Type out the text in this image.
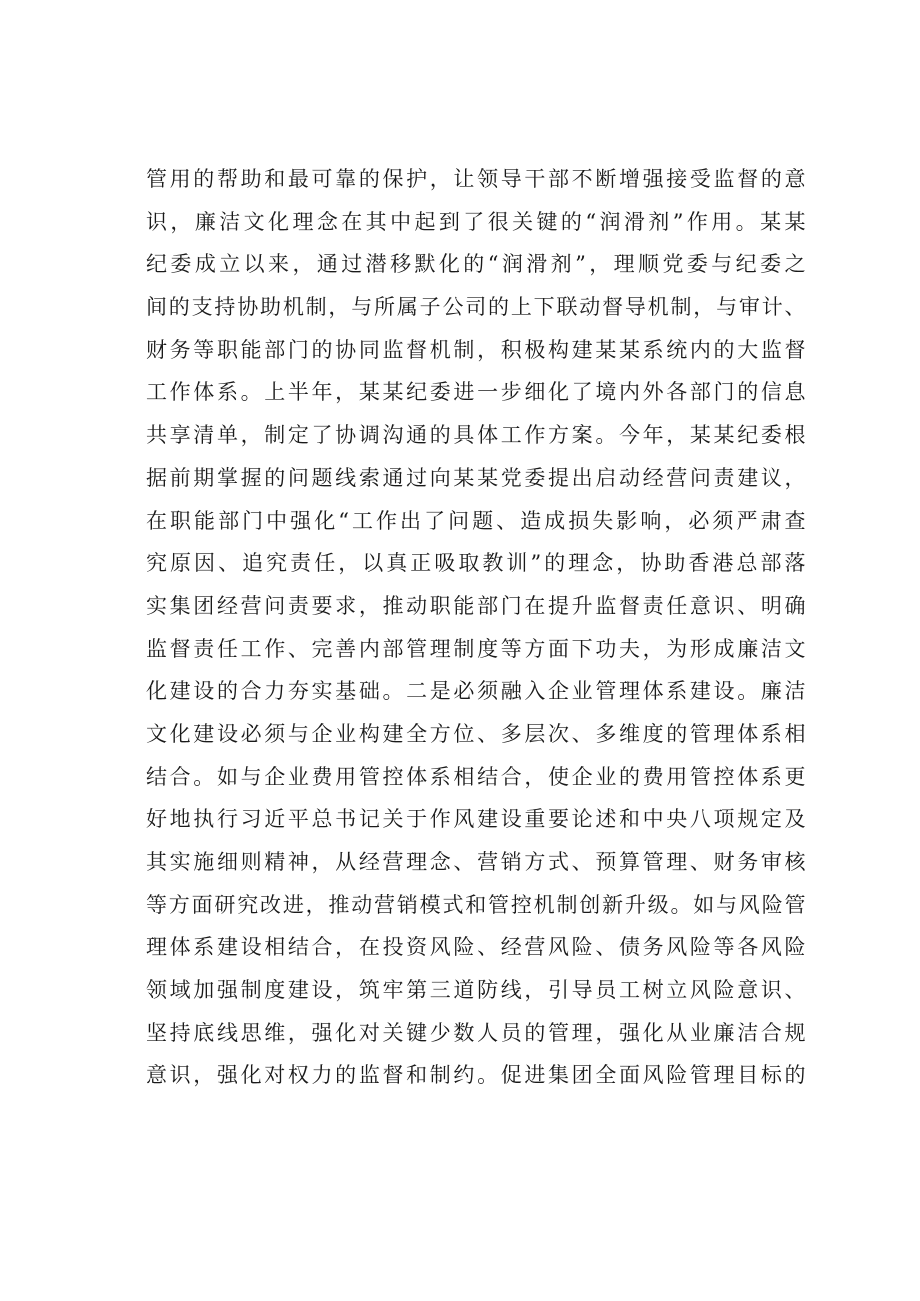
管用的帮助和最可靠的保护，让领导干部不断增强接受监督的意
识，廉洁文化理念在其中起到了很关键的“润滑剂”作用。某某
纪委成立以来，通过潜移默化的“润滑剂”，理顺党委与纪委之
间的支持协助机制，与所属子公司的上下联动督导机制，与审计、
财务等职能部门的协同监督机制，积极构建某某系统内的大监督
工作体系。上半年，某某纪委进一步细化了境内外各部门的信息
共享清单，制定了协调沟通的具体工作方案。今年，某某纪委根
据前期掌握的问题线索通过向某某党委提出启动经营问责建议，
在职能部门中强化“工作出了问题、造成损失影响，必须严肃查
究原因、追究责任，以真正吸取教训”的理念，协助香港总部落
实集团经营问责要求，推动职能部门在提升监督责任意识、明确
监督责任工作、完善内部管理制度等方面下功夫，为形成廉洁文
化建设的合力夯实基础。二是必须融入企业管理体系建设。廉洁
文化建设必须与企业构建全方位、多层次、多维度的管理体系相
结合。如与企业费用管控体系相结合，使企业的费用管控体系更
好地执行习近平总书记关于作风建设重要论述和中央八项规定及
其实施细则精神，从经营理念、营销方式、预算管理、财务审核
等方面研究改进，推动营销模式和管控机制创新升级。如与风险管
理体系建设相结合，在投资风险、经营风险、债务风险等各风险
领域加强制度建设，筑牢第三道防线，引导员工树立风险意识、
坚持底线思维，强化对关键少数人员的管理，强化从业廉洁合规
意识，强化对权力的监督和制约。促进集团全面风险管理目标的
